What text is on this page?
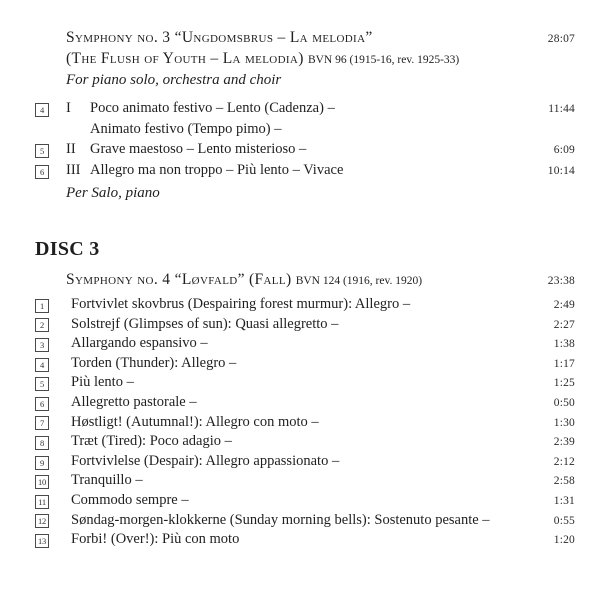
Symphony no. 3 “Ungdomsbrus – La melodia”	28:07
(The Flush of Youth – La melodia) BVN 96 (1915-16, rev. 1925-33)
For piano solo, orchestra and choir
4 I	Poco animato festivo – Lento (Cadenza) –	11:44
Animato festivo (Tempo pimo) –
5 II Grave maestoso – Lento misterioso –	6:09
6 III Allegro ma non troppo – Più lento – Vivace	10:14
Per Salo, piano
DISC 3
Symphony no. 4 “Løvfald” (Fall) BVN 124 (1916, rev. 1920)	23:38
1 Fortvivlet skovbrus (Despairing forest murmur): Allegro –	2:49
2 Solstrejf (Glimpses of sun): Quasi allegretto –	2:27
3 Allargando espansivo –	1:38
4 Torden (Thunder): Allegro –	1:17
5 Più lento –	1:25
6 Allegretto pastorale –	0:50
7 Høstligt! (Autumnal!): Allegro con moto –	1:30
8 Træt (Tired): Poco adagio –	2:39
9 Fortvivlelse (Despair): Allegro appassionato –	2:12
10 Tranquillo –	2:58
11 Commodo sempre –	1:31
12 Søndag-morgen-klokkerne (Sunday morning bells): Sostenuto pesante –	0:55
13 Forbi! (Over!): Più con moto	1:20
